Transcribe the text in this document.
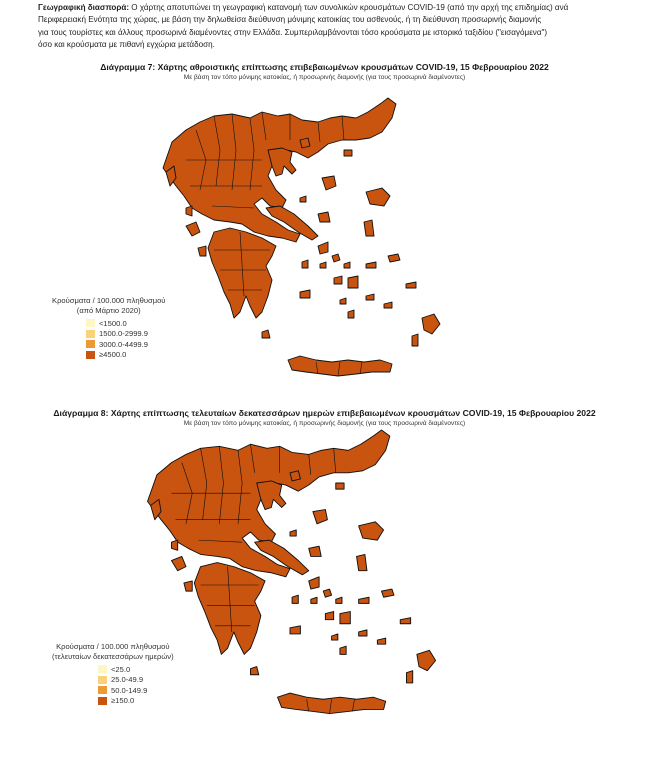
Γεωγραφική διασπορά: Ο χάρτης αποτυπώνει τη γεωγραφική κατανομή των συνολικών κρουσμάτων COVID-19 (από την αρχή της επιδημίας) ανά
Περιφερειακή Ενότητα της χώρας, με βάση την δηλωθείσα διεύθυνση μόνιμης κατοικίας του ασθενούς, ή τη διεύθυνση προσωρινής διαμονής
για τους τουρίστες και άλλους προσωρινά διαμένοντες στην Ελλάδα. Συμπεριλαμβάνονται τόσο κρούσματα με ιστορικό ταξιδίου ("εισαγόμενα")
όσο και κρούσματα με πιθανή εγχώρια μετάδοση.
Διάγραμμα 7: Χάρτης αθροιστικής επίπτωσης επιβεβαιωμένων κρουσμάτων COVID-19, 15 Φεβρουαρίου 2022
Με βάση τον τόπο μόνιμης κατοικίας, ή προσωρινής διαμονής (για τους προσωρινά διαμένοντες)
Διάγραμμα 8: Χάρτης επίπτωσης τελευταίων δεκατεσσάρων ημερών επιβεβαιωμένων κρουσμάτων COVID-19, 15 Φεβρουαρίου 2022
Με βάση τον τόπο μόνιμης κατοικίας, ή προσωρινής διαμονής (για τους προσωρινά διαμένοντες)
Κρούσματα / 100.000 πληθυσμού
(από Μάρτιο 2020)
<1500.0
1500.0-2999.9
3000.0-4499.9
≥4500.0
Κρούσματα / 100.000 πληθυσμού
(τελευταίων δεκατεσσάρων ημερών)
<25.0
25.0-49.9
50.0-149.9
≥150.0
